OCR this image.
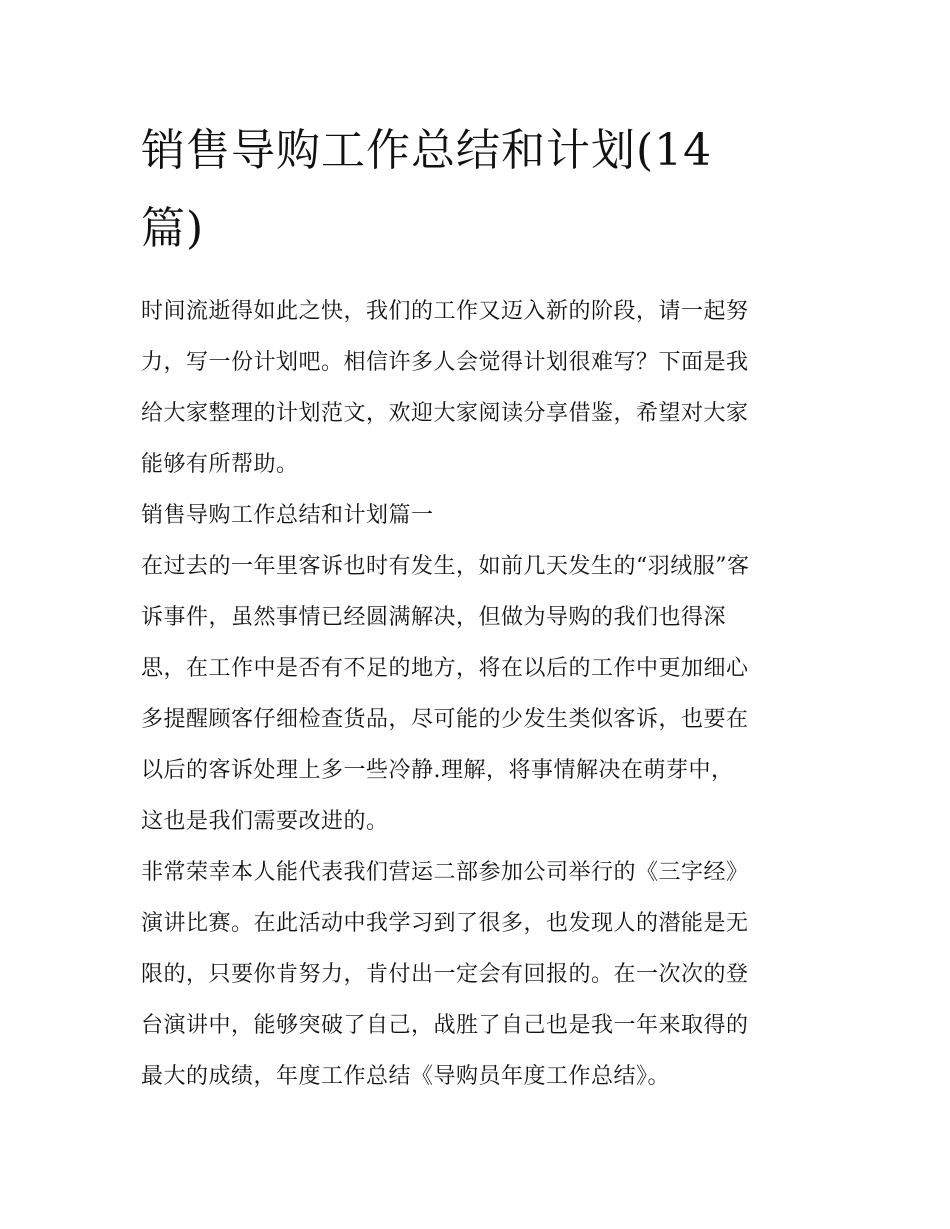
销售导购工作总结和计划(14
篇)

时间流逝得如此之快，我们的工作又迈入新的阶段，请一起努
力，写一份计划吧。相信许多人会觉得计划很难写？下面是我
给大家整理的计划范文，欢迎大家阅读分享借鉴，希望对大家
能够有所帮助。

销售导购工作总结和计划篇一

在过去的一年里客诉也时有发生，如前几天发生的“羽绒服”客
诉事件，虽然事情已经圆满解决，但做为导购的我们也得深
思，在工作中是否有不足的地方，将在以后的工作中更加细心
多提醒顾客仔细检查货品，尽可能的少发生类似客诉，也要在
以后的客诉处理上多一些冷静.理解，将事情解决在萌芽中，
这也是我们需要改进的。

非常荣幸本人能代表我们营运二部参加公司举行的《三字经》
演讲比赛。在此活动中我学习到了很多，也发现人的潜能是无
限的，只要你肯努力，肯付出一定会有回报的。在一次次的登
台演讲中，能够突破了自己，战胜了自己也是我一年来取得的
最大的成绩，年度工作总结《导购员年度工作总结》。
